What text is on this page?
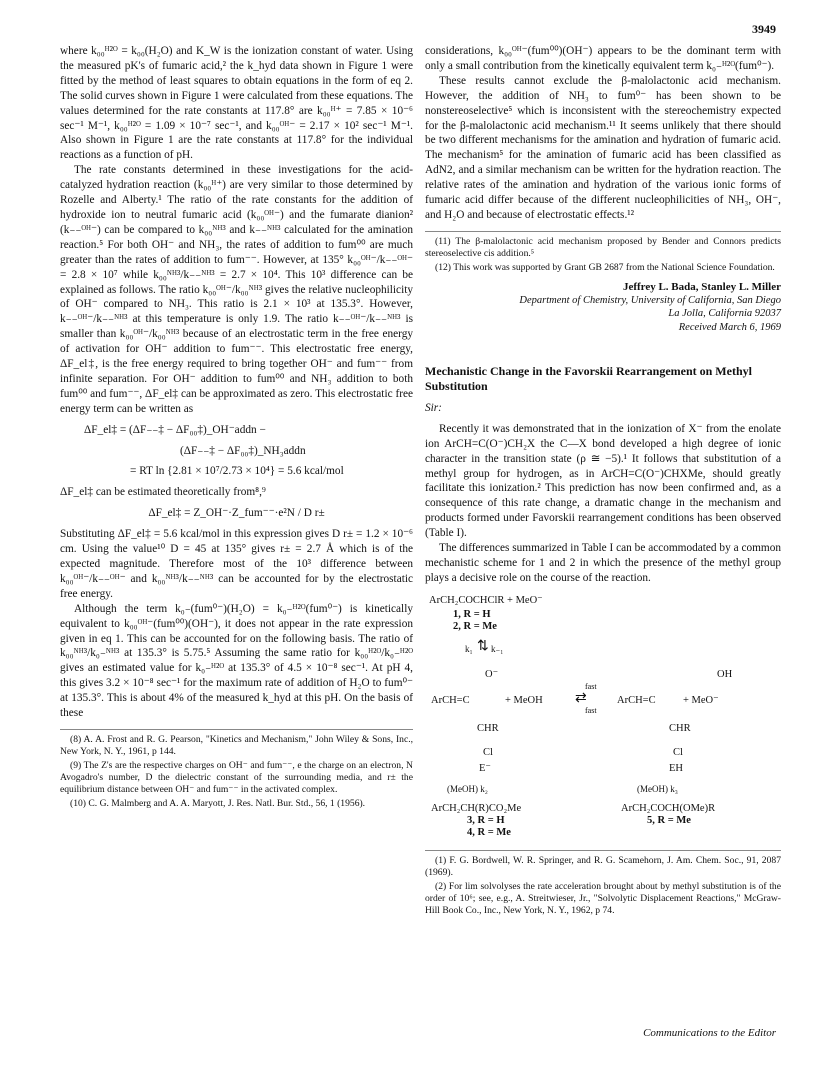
3949

where k₀₀ᴴ²ᴼ = k₀₀(H₂O) and K_W is the ionization constant of water. Using the measured pK's of fumaric acid,² the k_hyd data shown in Figure 1 were fitted by the method of least squares to obtain equations in the form of eq 2. The solid curves shown in Figure 1 were calculated from these equations. The values determined for the rate constants at 117.8° are k₀₀ᴴ⁺ = 7.85 × 10⁻⁶ sec⁻¹ M⁻¹, k₀₀ᴴ²ᴼ = 1.09 × 10⁻⁷ sec⁻¹, and k₀₀ᴼᴴ⁻ = 2.17 × 10² sec⁻¹ M⁻¹. Also shown in Figure 1 are the rate constants at 117.8° for the individual reactions as a function of pH.

The rate constants determined in these investigations for the acid-catalyzed hydration reaction (k₀₀ᴴ⁺) are very similar to those determined by Rozelle and Alberty.¹ The ratio of the rate constants for the addition of hydroxide ion to neutral fumaric acid (k₀₀ᴼᴴ⁻) and the fumarate dianion² (k₋₋ᴼᴴ⁻) can be compared to k₀₀ᴺᴴ³ and k₋₋ᴺᴴ³ calculated for the amination reaction.⁵ For both OH⁻ and NH₃, the rates of addition to fum⁰⁰ are much greater than the rates of addition to fum⁻⁻. However, at 135° k₀₀ᴼᴴ⁻/k₋₋ᴼᴴ⁻ = 2.8 × 10⁷ while k₀₀ᴺᴴ³/k₋₋ᴺᴴ³ = 2.7 × 10⁴. This 10³ difference can be explained as follows. The ratio k₀₀ᴼᴴ⁻/k₀₀ᴺᴴ³ gives the relative nucleophilicity of OH⁻ compared to NH₃. This ratio is 2.1 × 10³ at 135.3°. However, k₋₋ᴼᴴ⁻/k₋₋ᴺᴴ³ at this temperature is only 1.9. The ratio k₋₋ᴼᴴ⁻/k₋₋ᴺᴴ³ is smaller than k₀₀ᴼᴴ⁻/k₀₀ᴺᴴ³ because of an electrostatic term in the free energy of activation for OH⁻ addition to fum⁻⁻. This electrostatic free energy, ΔF_el‡, is the free energy required to bring together OH⁻ and fum⁻⁻ from infinite separation. For OH⁻ addition to fum⁰⁰ and NH₃ addition to both fum⁰⁰ and fum⁻⁻, ΔF_el‡ can be approximated as zero. This electrostatic free energy term can be written as

ΔF_el‡ = (ΔF₋₋‡ − ΔF₀₀‡)_OH⁻addn −

(ΔF₋₋‡ − ΔF₀₀‡)_NH₃addn

= RT ln {2.81 × 10⁷/2.73 × 10⁴} = 5.6 kcal/mol

ΔF_el‡ can be estimated theoretically from⁸,⁹

ΔF_el‡ = Z_OH⁻·Z_fum⁻⁻·e²N / D r±

Substituting ΔF_el‡ = 5.6 kcal/mol in this expression gives D r± = 1.2 × 10⁻⁶ cm. Using the value¹⁰ D = 45 at 135° gives r± = 2.7 Å which is of the expected magnitude. Therefore most of the 10³ difference between k₀₀ᴼᴴ⁻/k₋₋ᴼᴴ⁻ and k₀₀ᴺᴴ³/k₋₋ᴺᴴ³ can be accounted for by the electrostatic free energy.

Although the term k₀₋(fum⁰⁻)(H₂O) = k₀₋ᴴ²ᴼ(fum⁰⁻) is kinetically equivalent to k₀₀ᴼᴴ⁻(fum⁰⁰)(OH⁻), it does not appear in the rate expression given in eq 1. This can be accounted for on the following basis. The ratio of k₀₀ᴺᴴ³/k₀₋ᴺᴴ³ at 135.3° is 5.75.⁵ Assuming the same ratio for k₀₀ᴴ²ᴼ/k₀₋ᴴ²ᴼ gives an estimated value for k₀₋ᴴ²ᴼ at 135.3° of 4.5 × 10⁻⁸ sec⁻¹. At pH 4, this gives 3.2 × 10⁻⁸ sec⁻¹ for the maximum rate of addition of H₂O to fum⁰⁻ at 135.3°. This is about 4% of the measured k_hyd at this pH. On the basis of these

(8) A. A. Frost and R. G. Pearson, "Kinetics and Mechanism," John Wiley & Sons, Inc., New York, N. Y., 1961, p 144.

(9) The Z's are the respective charges on OH⁻ and fum⁻⁻, e the charge on an electron, N Avogadro's number, D the dielectric constant of the surrounding media, and r± the equilibrium distance between OH⁻ and fum⁻⁻ in the activated complex.

(10) C. G. Malmberg and A. A. Maryott, J. Res. Natl. Bur. Std., 56, 1 (1956).

considerations, k₀₀ᴼᴴ⁻(fum⁰⁰)(OH⁻) appears to be the dominant term with only a small contribution from the kinetically equivalent term k₀₋ᴴ²ᴼ(fum⁰⁻).

These results cannot exclude the β-malolactonic acid mechanism. However, the addition of NH₃ to fum⁰⁻ has been shown to be nonstereoselective⁵ which is inconsistent with the stereochemistry expected for the β-malolactonic acid mechanism.¹¹ It seems unlikely that there should be two different mechanisms for the amination and hydration of fumaric acid. The mechanism⁵ for the amination of fumaric acid has been classified as AdN2, and a similar mechanism can be written for the hydration reaction. The relative rates of the amination and hydration of the various ionic forms of fumaric acid differ because of the different nucleophilicities of NH₃, OH⁻, and H₂O and because of electrostatic effects.¹²

(11) The β-malolactonic acid mechanism proposed by Bender and Connors predicts stereoselective cis addition.⁵

(12) This work was supported by Grant GB 2687 from the National Science Foundation.

Jeffrey L. Bada, Stanley L. Miller

Department of Chemistry, University of California, San Diego

La Jolla, California 92037

Received March 6, 1969

Mechanistic Change in the Favorskii Rearrangement on Methyl Substitution

Sir:

Recently it was demonstrated that in the ionization of X⁻ from the enolate ion ArCH=C(O⁻)CH₂X the C—X bond developed a high degree of ionic character in the transition state (ρ ≅ −5).¹ It follows that substitution of a methyl group for hydrogen, as in ArCH=C(O⁻)CHXMe, should greatly facilitate this ionization.² This prediction has now been confirmed and, as a consequence of this rate change, a dramatic change in the mechanism and products formed under Favorskii rearrangement conditions has been observed (Table I).

The differences summarized in Table I can be accommodated by a common mechanistic scheme for 1 and 2 in which the presence of the methyl group plays a decisive role on the course of the reaction.

ArCH₂COCHClR + MeO⁻
1, R = H
2, R = Me
k₁ ⇅ k₋₁
O⁻	OH
ArCH=C	+ MeOH
fast
⇄
fast
ArCH=C	+ MeO⁻
CHR	CHR
Cl	Cl
E⁻	EH
(MeOH) k₂	(MeOH) k₃
ArCH₂CH(R)CO₂Me
3, R = H
4, R = Me
ArCH₂COCH(OMe)R
5, R = Me

(1) F. G. Bordwell, W. R. Springer, and R. G. Scamehorn, J. Am. Chem. Soc., 91, 2087 (1969).

(2) For lim solvolyses the rate acceleration brought about by methyl substitution is of the order of 10⁶; see, e.g., A. Streitwieser, Jr., "Solvolytic Displacement Reactions," McGraw-Hill Book Co., Inc., New York, N. Y., 1962, p 74.

Communications to the Editor
